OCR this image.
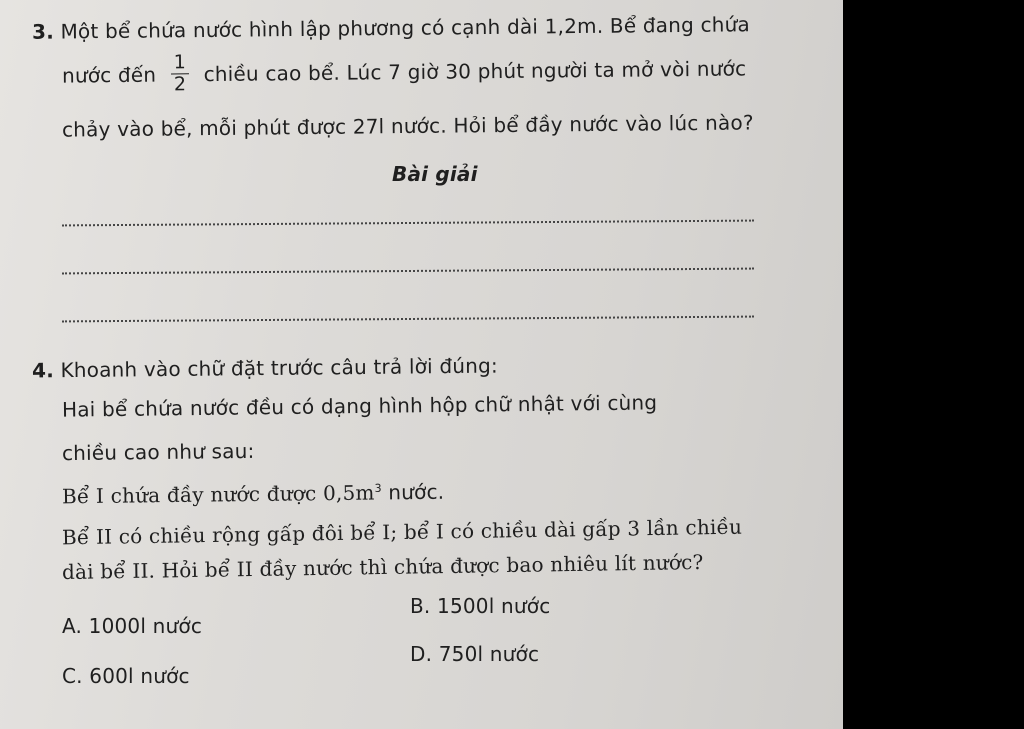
3. Một bể chứa nước hình lập phương có cạnh dài 1,2m. Bể đang chứa
nước đến $\frac{1}{2}$ chiều cao bể. Lúc 7 giờ 30 phút người ta mở vòi nước
chảy vào bể, mỗi phút được 27l nước. Hỏi bể đầy nước vào lúc nào?
Bài giải
4. Khoanh vào chữ đặt trước câu trả lời đúng:
Hai bể chứa nước đều có dạng hình hộp chữ nhật với cùng
chiều cao như sau:
Bể I chứa đầy nước được $0,5m^3$ nước.
Bể II có chiều rộng gấp đôi bể I; bể I có chiều dài gấp 3 lần chiều
dài bể II. Hỏi bể II đầy nước thì chứa được bao nhiêu lít nước?
A. 1000l nước
B. 1500l nước
C. 600l nước
D. 750l nước
